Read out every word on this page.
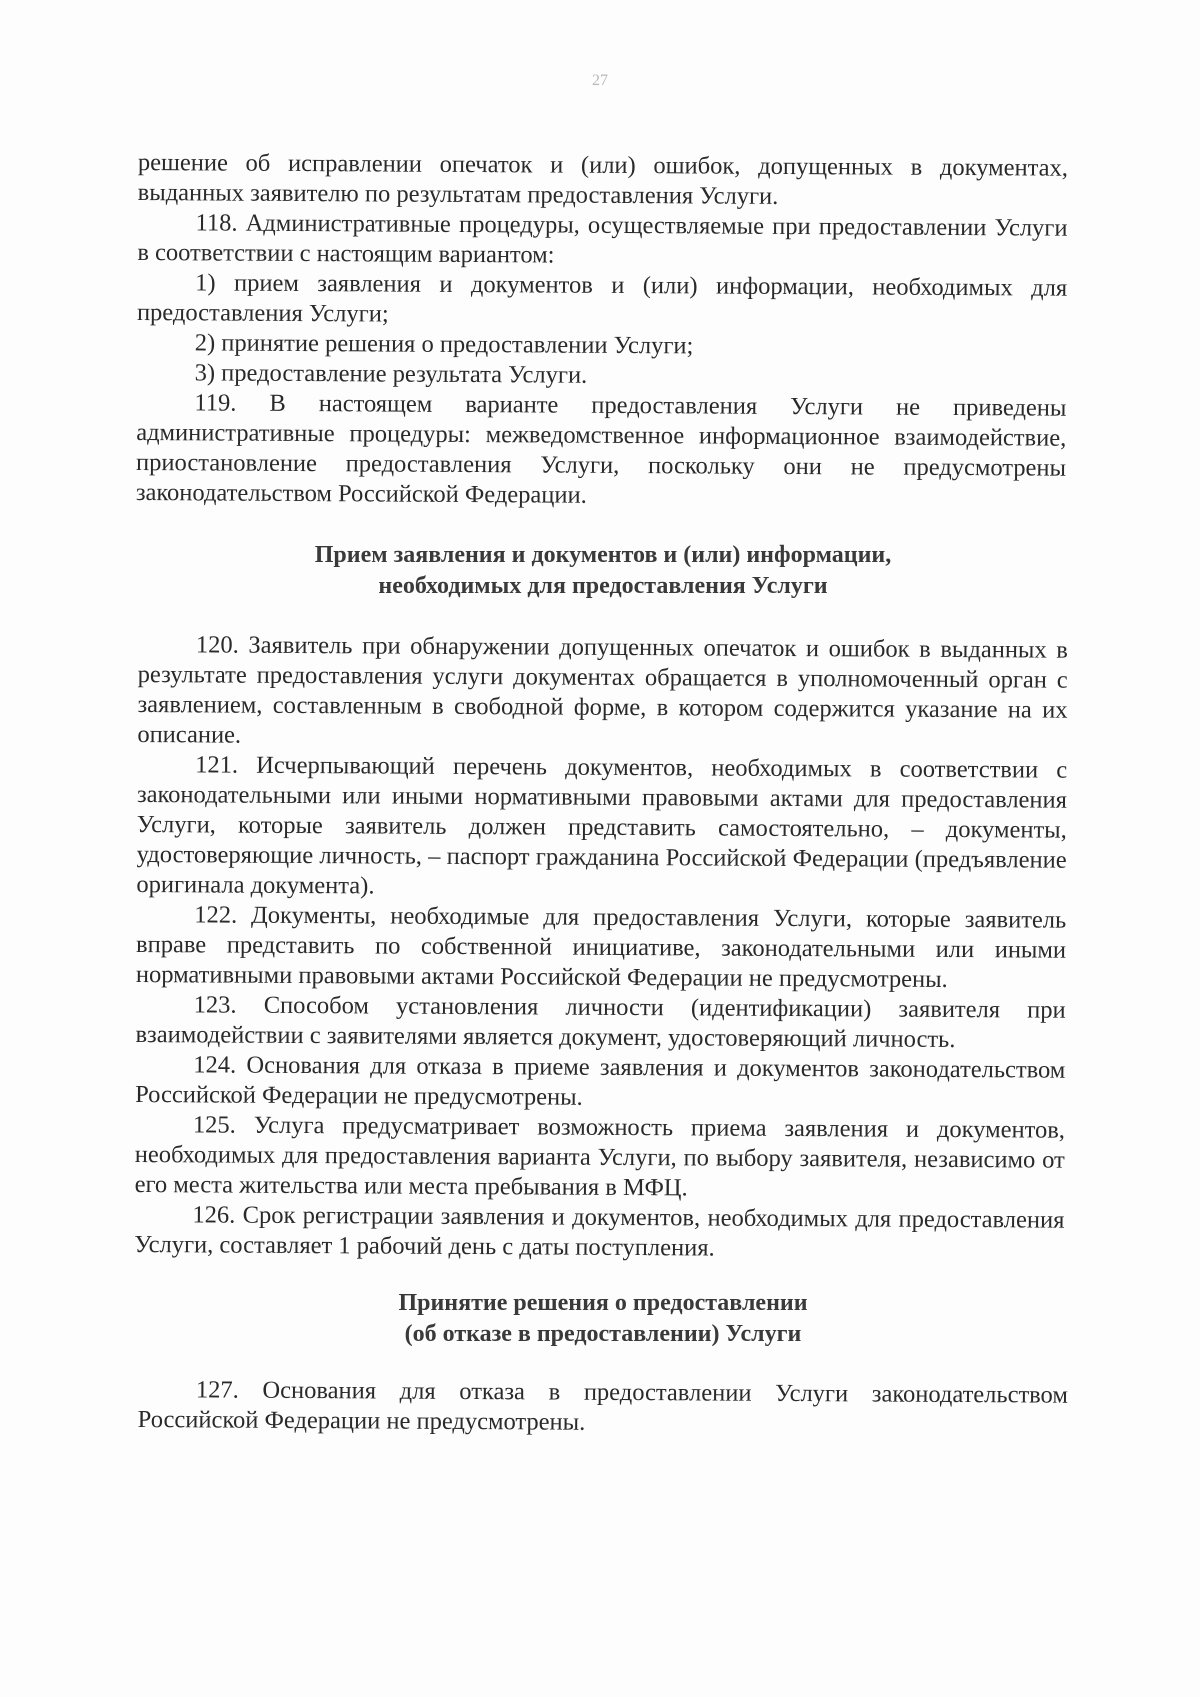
27

решение об исправлении опечаток и (или) ошибок, допущенных в документах, выданных заявителю по результатам предоставления Услуги.

118. Административные процедуры, осуществляемые при предоставлении Услуги в соответствии с настоящим вариантом:

1) прием заявления и документов и (или) информации, необходимых для предоставления Услуги;

2) принятие решения о предоставлении Услуги;

3) предоставление результата Услуги.

119. В настоящем варианте предоставления Услуги не приведены административные процедуры: межведомственное информационное взаимодействие, приостановление предоставления Услуги, поскольку они не предусмотрены законодательством Российской Федерации.

Прием заявления и документов и (или) информации,
необходимых для предоставления Услуги

120. Заявитель при обнаружении допущенных опечаток и ошибок в выданных в результате предоставления услуги документах обращается в уполномоченный орган с заявлением, составленным в свободной форме, в котором содержится указание на их описание.

121. Исчерпывающий перечень документов, необходимых в соответствии с законодательными или иными нормативными правовыми актами для предоставления Услуги, которые заявитель должен представить самостоятельно, – документы, удостоверяющие личность, – паспорт гражданина Российской Федерации (предъявление оригинала документа).

122. Документы, необходимые для предоставления Услуги, которые заявитель вправе представить по собственной инициативе, законодательными или иными нормативными правовыми актами Российской Федерации не предусмотрены.

123. Способом установления личности (идентификации) заявителя при взаимодействии с заявителями является документ, удостоверяющий личность.

124. Основания для отказа в приеме заявления и документов законодательством Российской Федерации не предусмотрены.

125. Услуга предусматривает возможность приема заявления и документов, необходимых для предоставления варианта Услуги, по выбору заявителя, независимо от его места жительства или места пребывания в МФЦ.

126. Срок регистрации заявления и документов, необходимых для предоставления Услуги, составляет 1 рабочий день с даты поступления.

Принятие решения о предоставлении
(об отказе в предоставлении) Услуги

127. Основания для отказа в предоставлении Услуги законодательством Российской Федерации не предусмотрены.
